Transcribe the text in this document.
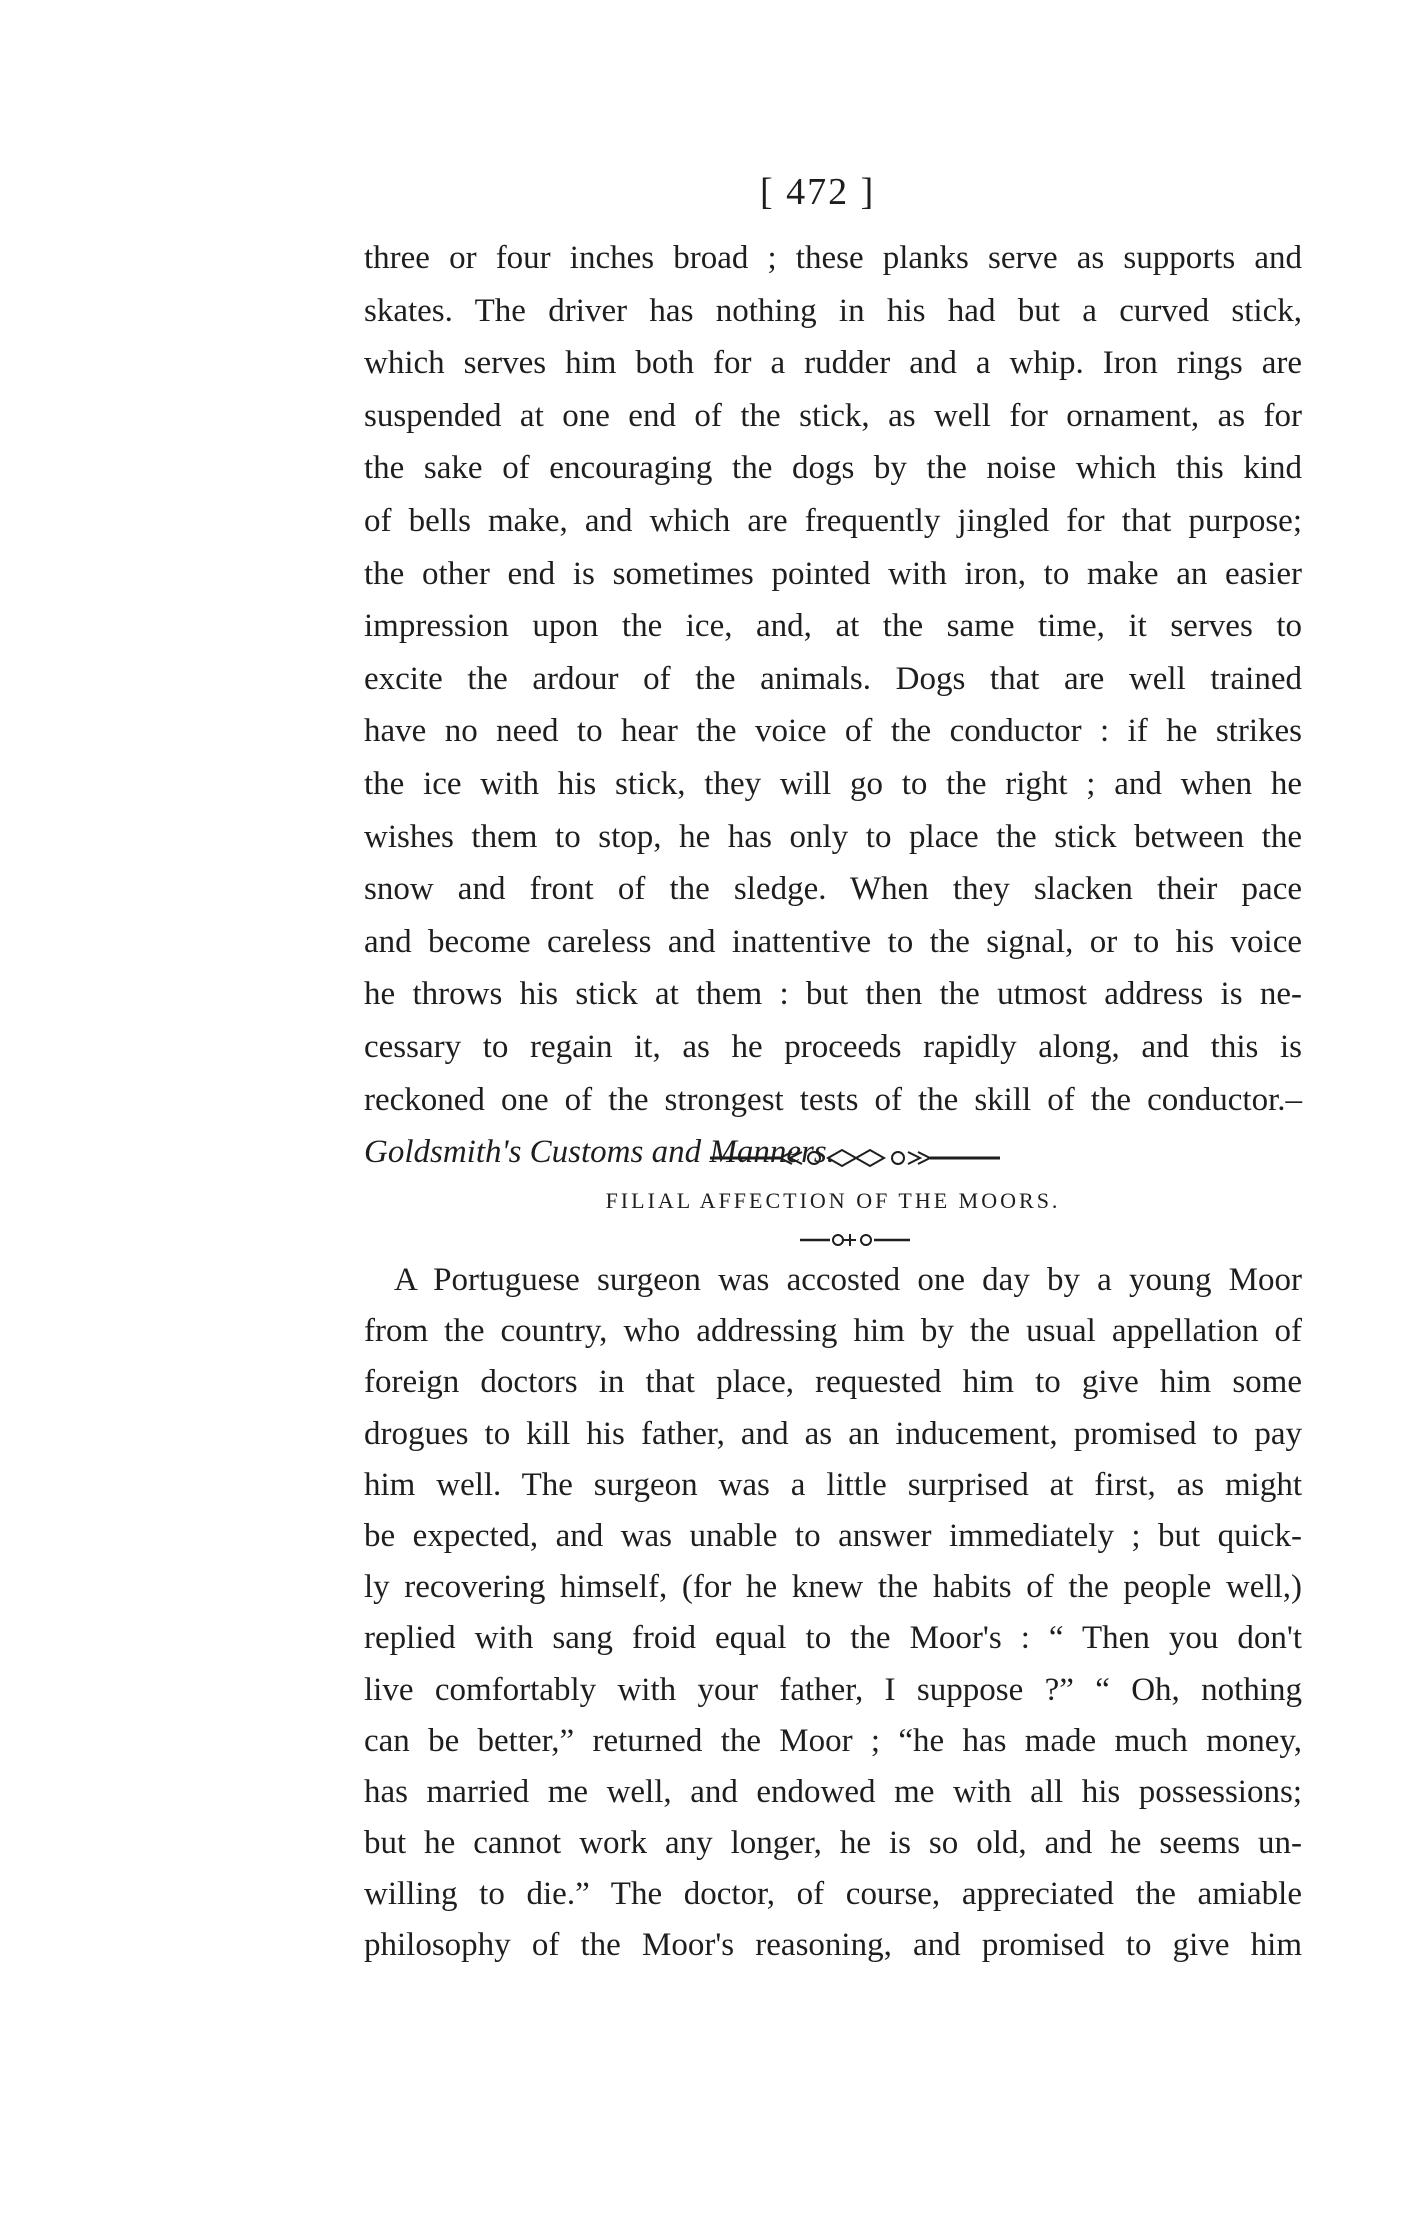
[ 472 ]
three or four inches broad ; these planks serve as supports and
skates. The driver has nothing in his had but a curved stick,
which serves him both for a rudder and a whip. Iron rings are
suspended at one end of the stick, as well for ornament, as for
the sake of encouraging the dogs by the noise which this kind
of bells make, and which are frequently jingled for that purpose;
the other end is sometimes pointed with iron, to make an easier
impression upon the ice, and, at the same time, it serves to
excite the ardour of the animals. Dogs that are well trained
have no need to hear the voice of the conductor : if he strikes
the ice with his stick, they will go to the right ; and when he
wishes them to stop, he has only to place the stick between the
snow and front of the sledge. When they slacken their pace
and become careless and inattentive to the signal, or to his voice
he throws his stick at them : but then the utmost address is ne-
cessary to regain it, as he proceeds rapidly along, and this is
reckoned one of the strongest tests of the skill of the conductor.–
Goldsmith's Customs and Manners.
FILIAL AFFECTION OF THE MOORS.
A Portuguese surgeon was accosted one day by a young Moor
from the country, who addressing him by the usual appellation of
foreign doctors in that place, requested him to give him some
drogues to kill his father, and as an inducement, promised to pay
him well. The surgeon was a little surprised at first, as might
be expected, and was unable to answer immediately ; but quick-
ly recovering himself, (for he knew the habits of the people well,)
replied with sang froid equal to the Moor's : “ Then you don't
live comfortably with your father, I suppose ?” “ Oh, nothing
can be better,” returned the Moor ; “he has made much money,
has married me well, and endowed me with all his possessions;
but he cannot work any longer, he is so old, and he seems un-
willing to die.” The doctor, of course, appreciated the amiable
philosophy of the Moor's reasoning, and promised to give him
